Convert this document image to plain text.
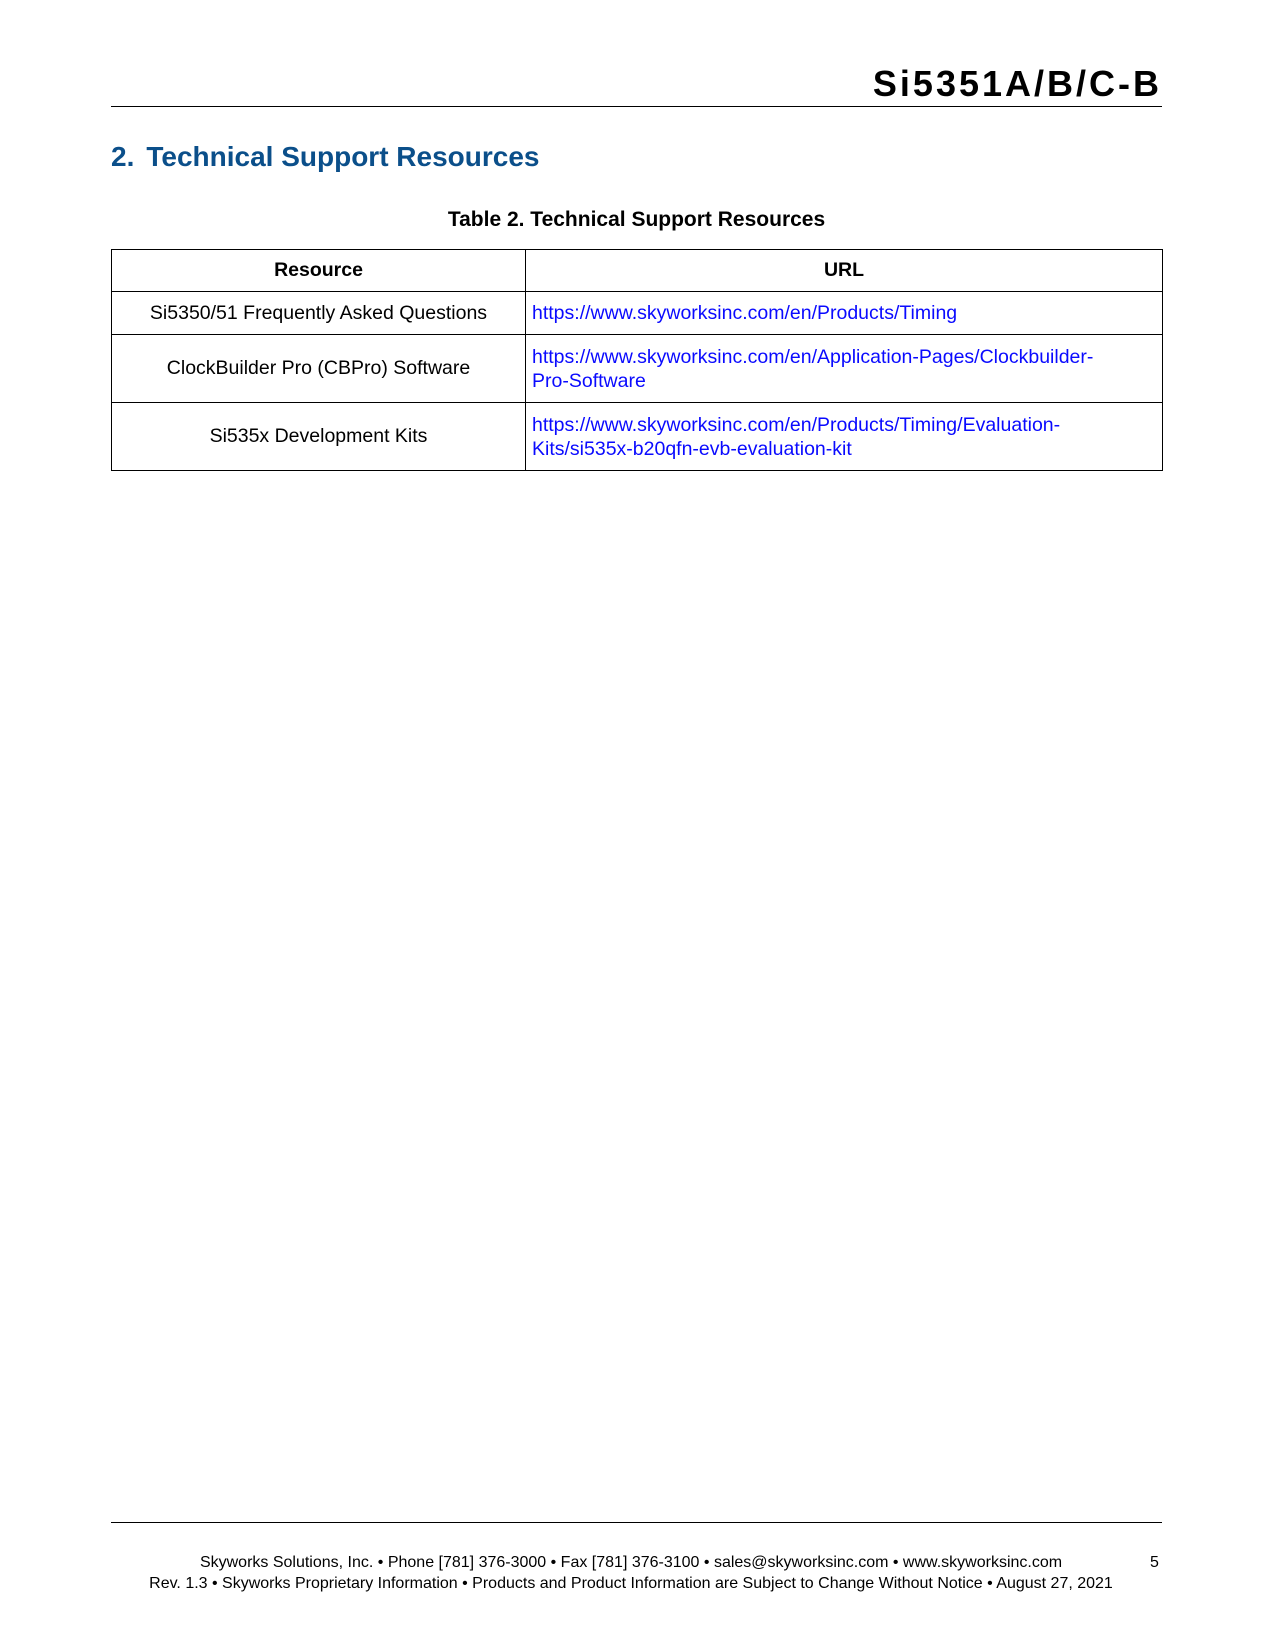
Si5351A/B/C-B
2. Technical Support Resources
Table 2. Technical Support Resources
Resource	URL
Si5350/51 Frequently Asked Questions	https://www.skyworksinc.com/en/Products/Timing
ClockBuilder Pro (CBPro) Software	https://www.skyworksinc.com/en/Application-Pages/Clockbuilder-
Pro-Software
Si535x Development Kits	https://www.skyworksinc.com/en/Products/Timing/Evaluation-
Kits/si535x-b20qfn-evb-evaluation-kit
Skyworks Solutions, Inc. • Phone [781] 376-3000 • Fax [781] 376-3100 • sales@skyworksinc.com • www.skyworksinc.com
Rev. 1.3 • Skyworks Proprietary Information • Products and Product Information are Subject to Change Without Notice • August 27, 2021
5
